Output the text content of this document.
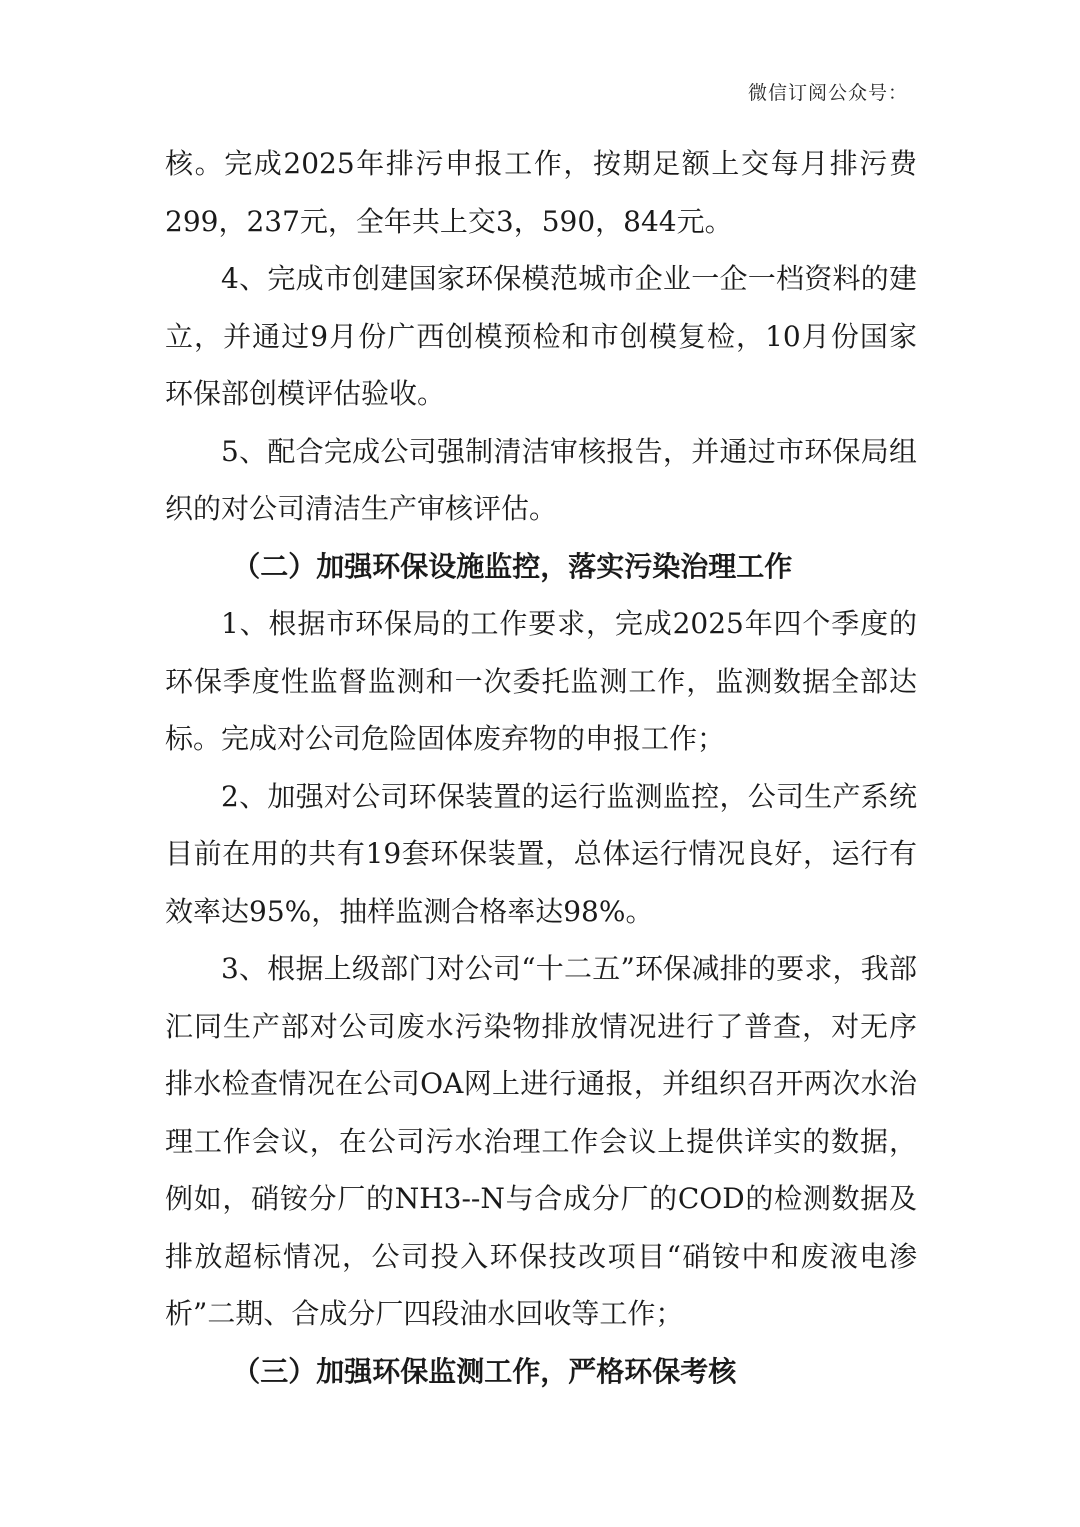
微信订阅公众号：

核。完成2025年排污申报工作，按期足额上交每月排污费299，237元，全年共上交3，590，844元。

4、完成市创建国家环保模范城市企业一企一档资料的建立，并通过9月份广西创模预检和市创模复检，10月份国家环保部创模评估验收。

5、配合完成公司强制清洁审核报告，并通过市环保局组织的对公司清洁生产审核评估。

（二）加强环保设施监控，落实污染治理工作

1、根据市环保局的工作要求，完成2025年四个季度的环保季度性监督监测和一次委托监测工作，监测数据全部达标。完成对公司危险固体废弃物的申报工作；

2、加强对公司环保装置的运行监测监控，公司生产系统目前在用的共有19套环保装置，总体运行情况良好，运行有效率达95%，抽样监测合格率达98%。

3、根据上级部门对公司“十二五”环保减排的要求，我部汇同生产部对公司废水污染物排放情况进行了普查，对无序排水检查情况在公司OA网上进行通报，并组织召开两次水治理工作会议，在公司污水治理工作会议上提供详实的数据，例如，硝铵分厂的NH3--N与合成分厂的COD的检测数据及排放超标情况，公司投入环保技改项目“硝铵中和废液电渗析”二期、合成分厂四段油水回收等工作；

（三）加强环保监测工作，严格环保考核
